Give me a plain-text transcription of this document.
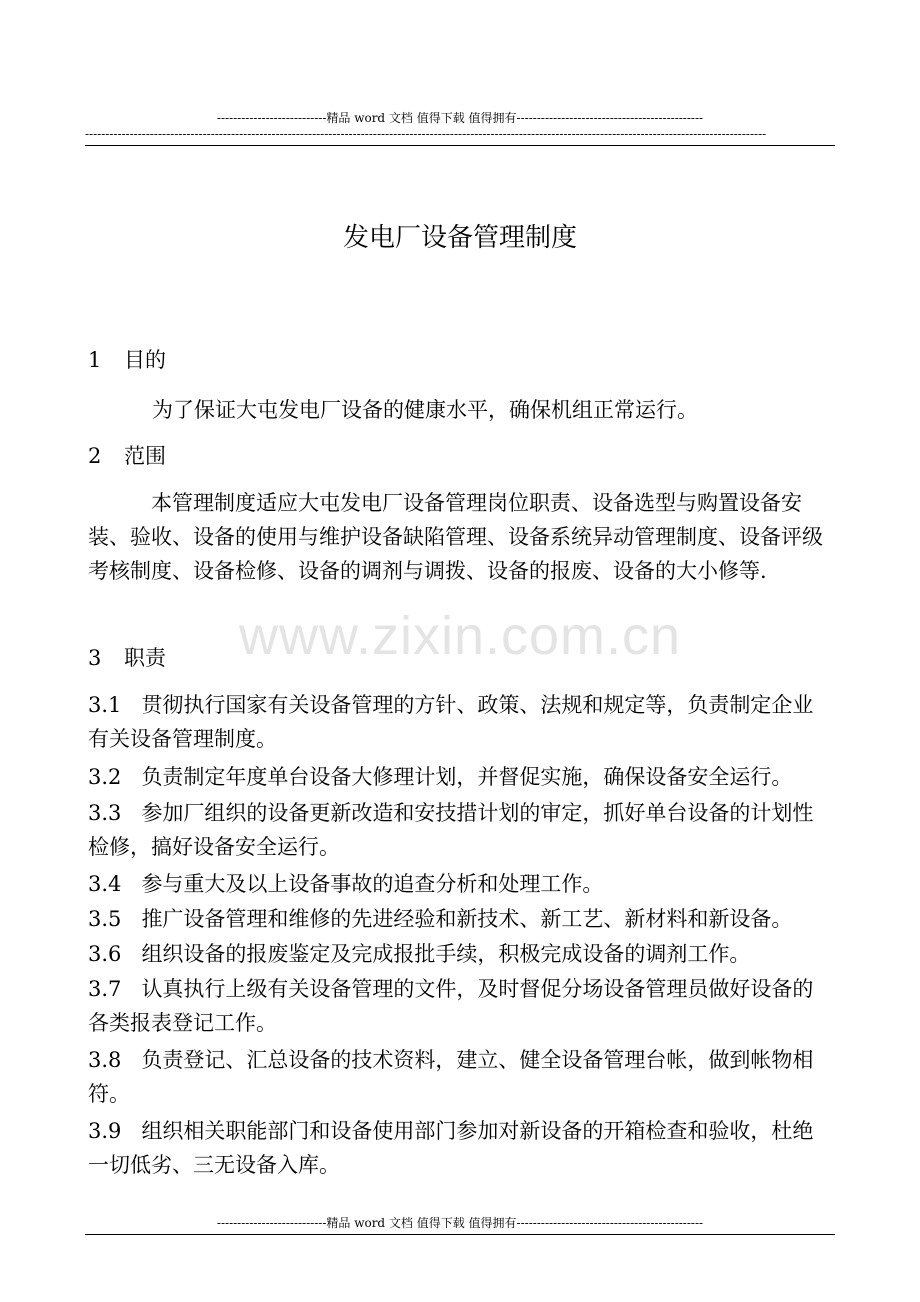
---------------------------精品 word 文档 值得下载 值得拥有----------------------------------------------
------------------------------------------------------------------------------------------------------------------------------------------------------------------------
www.zixin.com.cn
发电厂设备管理制度
1 目的
为了保证大屯发电厂设备的健康水平，确保机组正常运行。
2 范围
本管理制度适应大屯发电厂设备管理岗位职责、设备选型与购置设备安装、验收、设备的使用与维护设备缺陷管理、设备系统异动管理制度、设备评级考核制度、设备检修、设备的调剂与调拨、设备的报废、设备的大小修等.
3 职责
3.1 贯彻执行国家有关设备管理的方针、政策、法规和规定等，负责制定企业有关设备管理制度。
3.2 负责制定年度单台设备大修理计划，并督促实施，确保设备安全运行。
3.3 参加厂组织的设备更新改造和安技措计划的审定，抓好单台设备的计划性检修，搞好设备安全运行。
3.4 参与重大及以上设备事故的追查分析和处理工作。
3.5 推广设备管理和维修的先进经验和新技术、新工艺、新材料和新设备。
3.6 组织设备的报废鉴定及完成报批手续，积极完成设备的调剂工作。
3.7 认真执行上级有关设备管理的文件，及时督促分场设备管理员做好设备的各类报表登记工作。
3.8 负责登记、汇总设备的技术资料，建立、健全设备管理台帐，做到帐物相符。
3.9 组织相关职能部门和设备使用部门参加对新设备的开箱检查和验收，杜绝一切低劣、三无设备入库。
---------------------------精品 word 文档 值得下载 值得拥有----------------------------------------------
